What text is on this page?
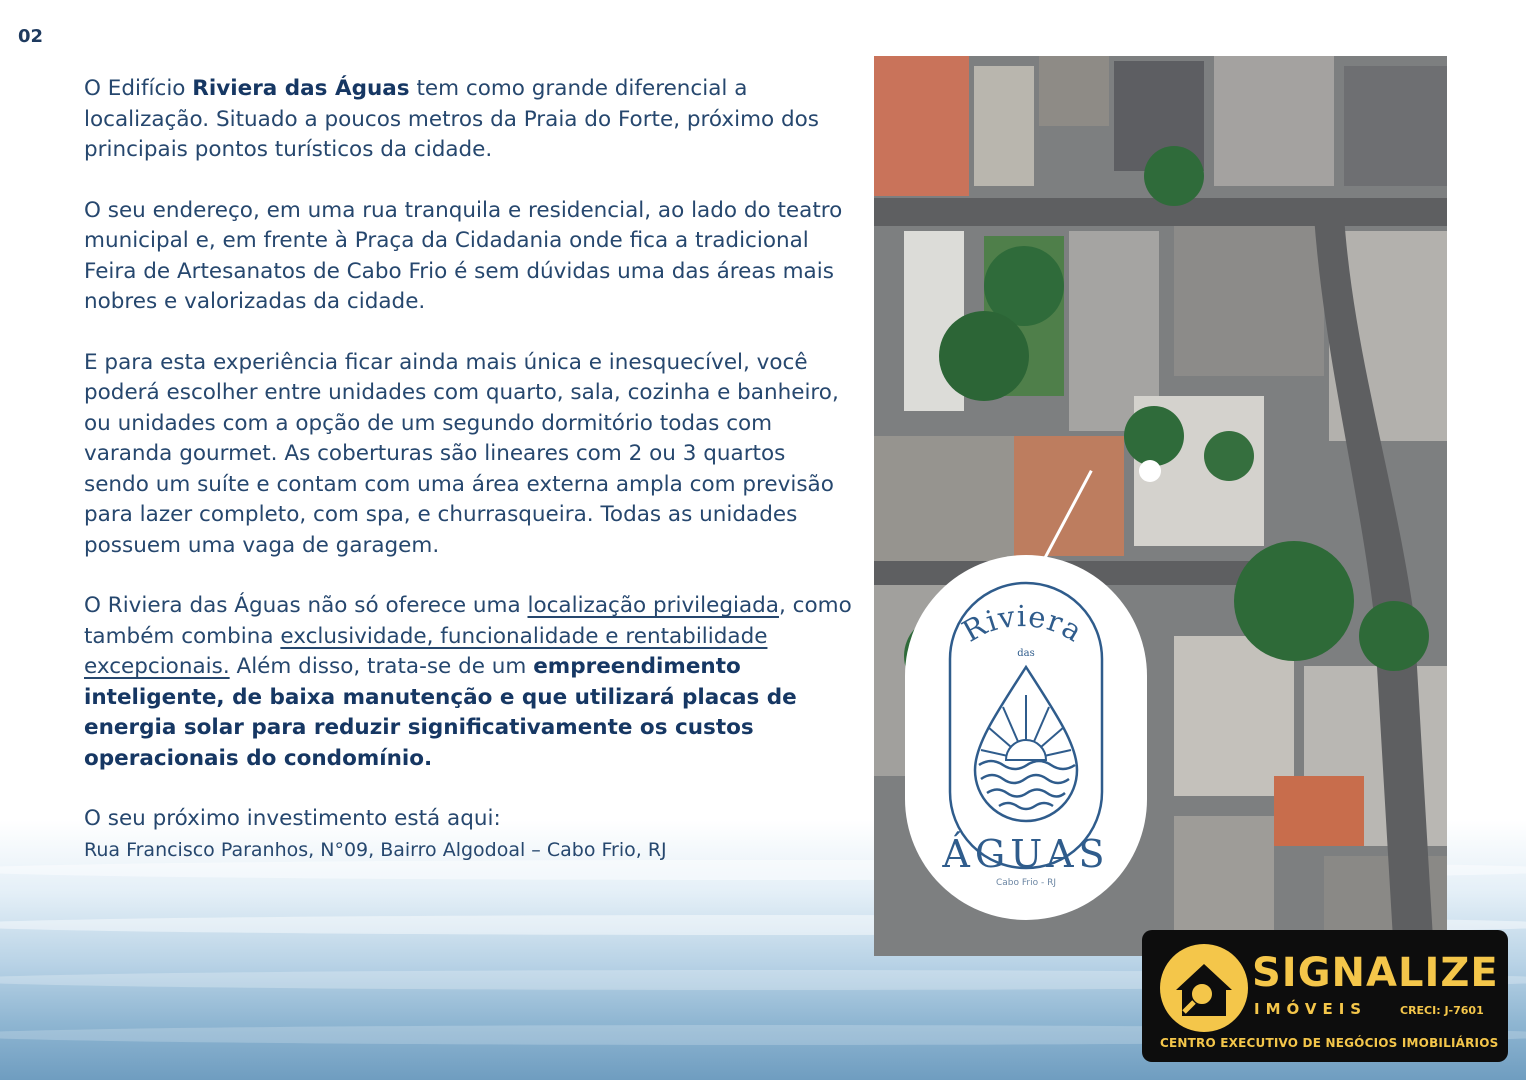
02

O Edifício Riviera das Águas tem como grande diferencial a localização. Situado a poucos metros da Praia do Forte, próximo dos principais pontos turísticos da cidade.

O seu endereço, em uma rua tranquila e residencial, ao lado do teatro municipal e, em frente à Praça da Cidadania onde fica a tradicional Feira de Artesanatos de Cabo Frio é sem dúvidas uma das áreas mais nobres e valorizadas da cidade.

E para esta experiência ficar ainda mais única e inesquecível, você poderá escolher entre unidades com quarto, sala, cozinha e banheiro, ou unidades com a opção de um segundo dormitório todas com varanda gourmet. As coberturas são lineares com 2 ou 3 quartos sendo um suíte e contam com uma área externa ampla com previsão para lazer completo, com spa, e churrasqueira. Todas as unidades possuem uma vaga de garagem.

O Riviera das Águas não só oferece uma localização privilegiada, como também combina exclusividade, funcionalidade e rentabilidade excepcionais. Além disso, trata-se de um empreendimento inteligente, de baixa manutenção e que utilizará placas de energia solar para reduzir significativamente os custos operacionais do condomínio.

O seu próximo investimento está aqui:

Rua Francisco Paranhos, N°09, Bairro Algodoal – Cabo Frio, RJ

Riviera
das
ÁGUAS
Cabo Frio - RJ
SIGNALIZE
IMÓVEIS	CRECI: J-7601
CENTRO EXECUTIVO DE NEGÓCIOS IMOBILIÁRIOS
